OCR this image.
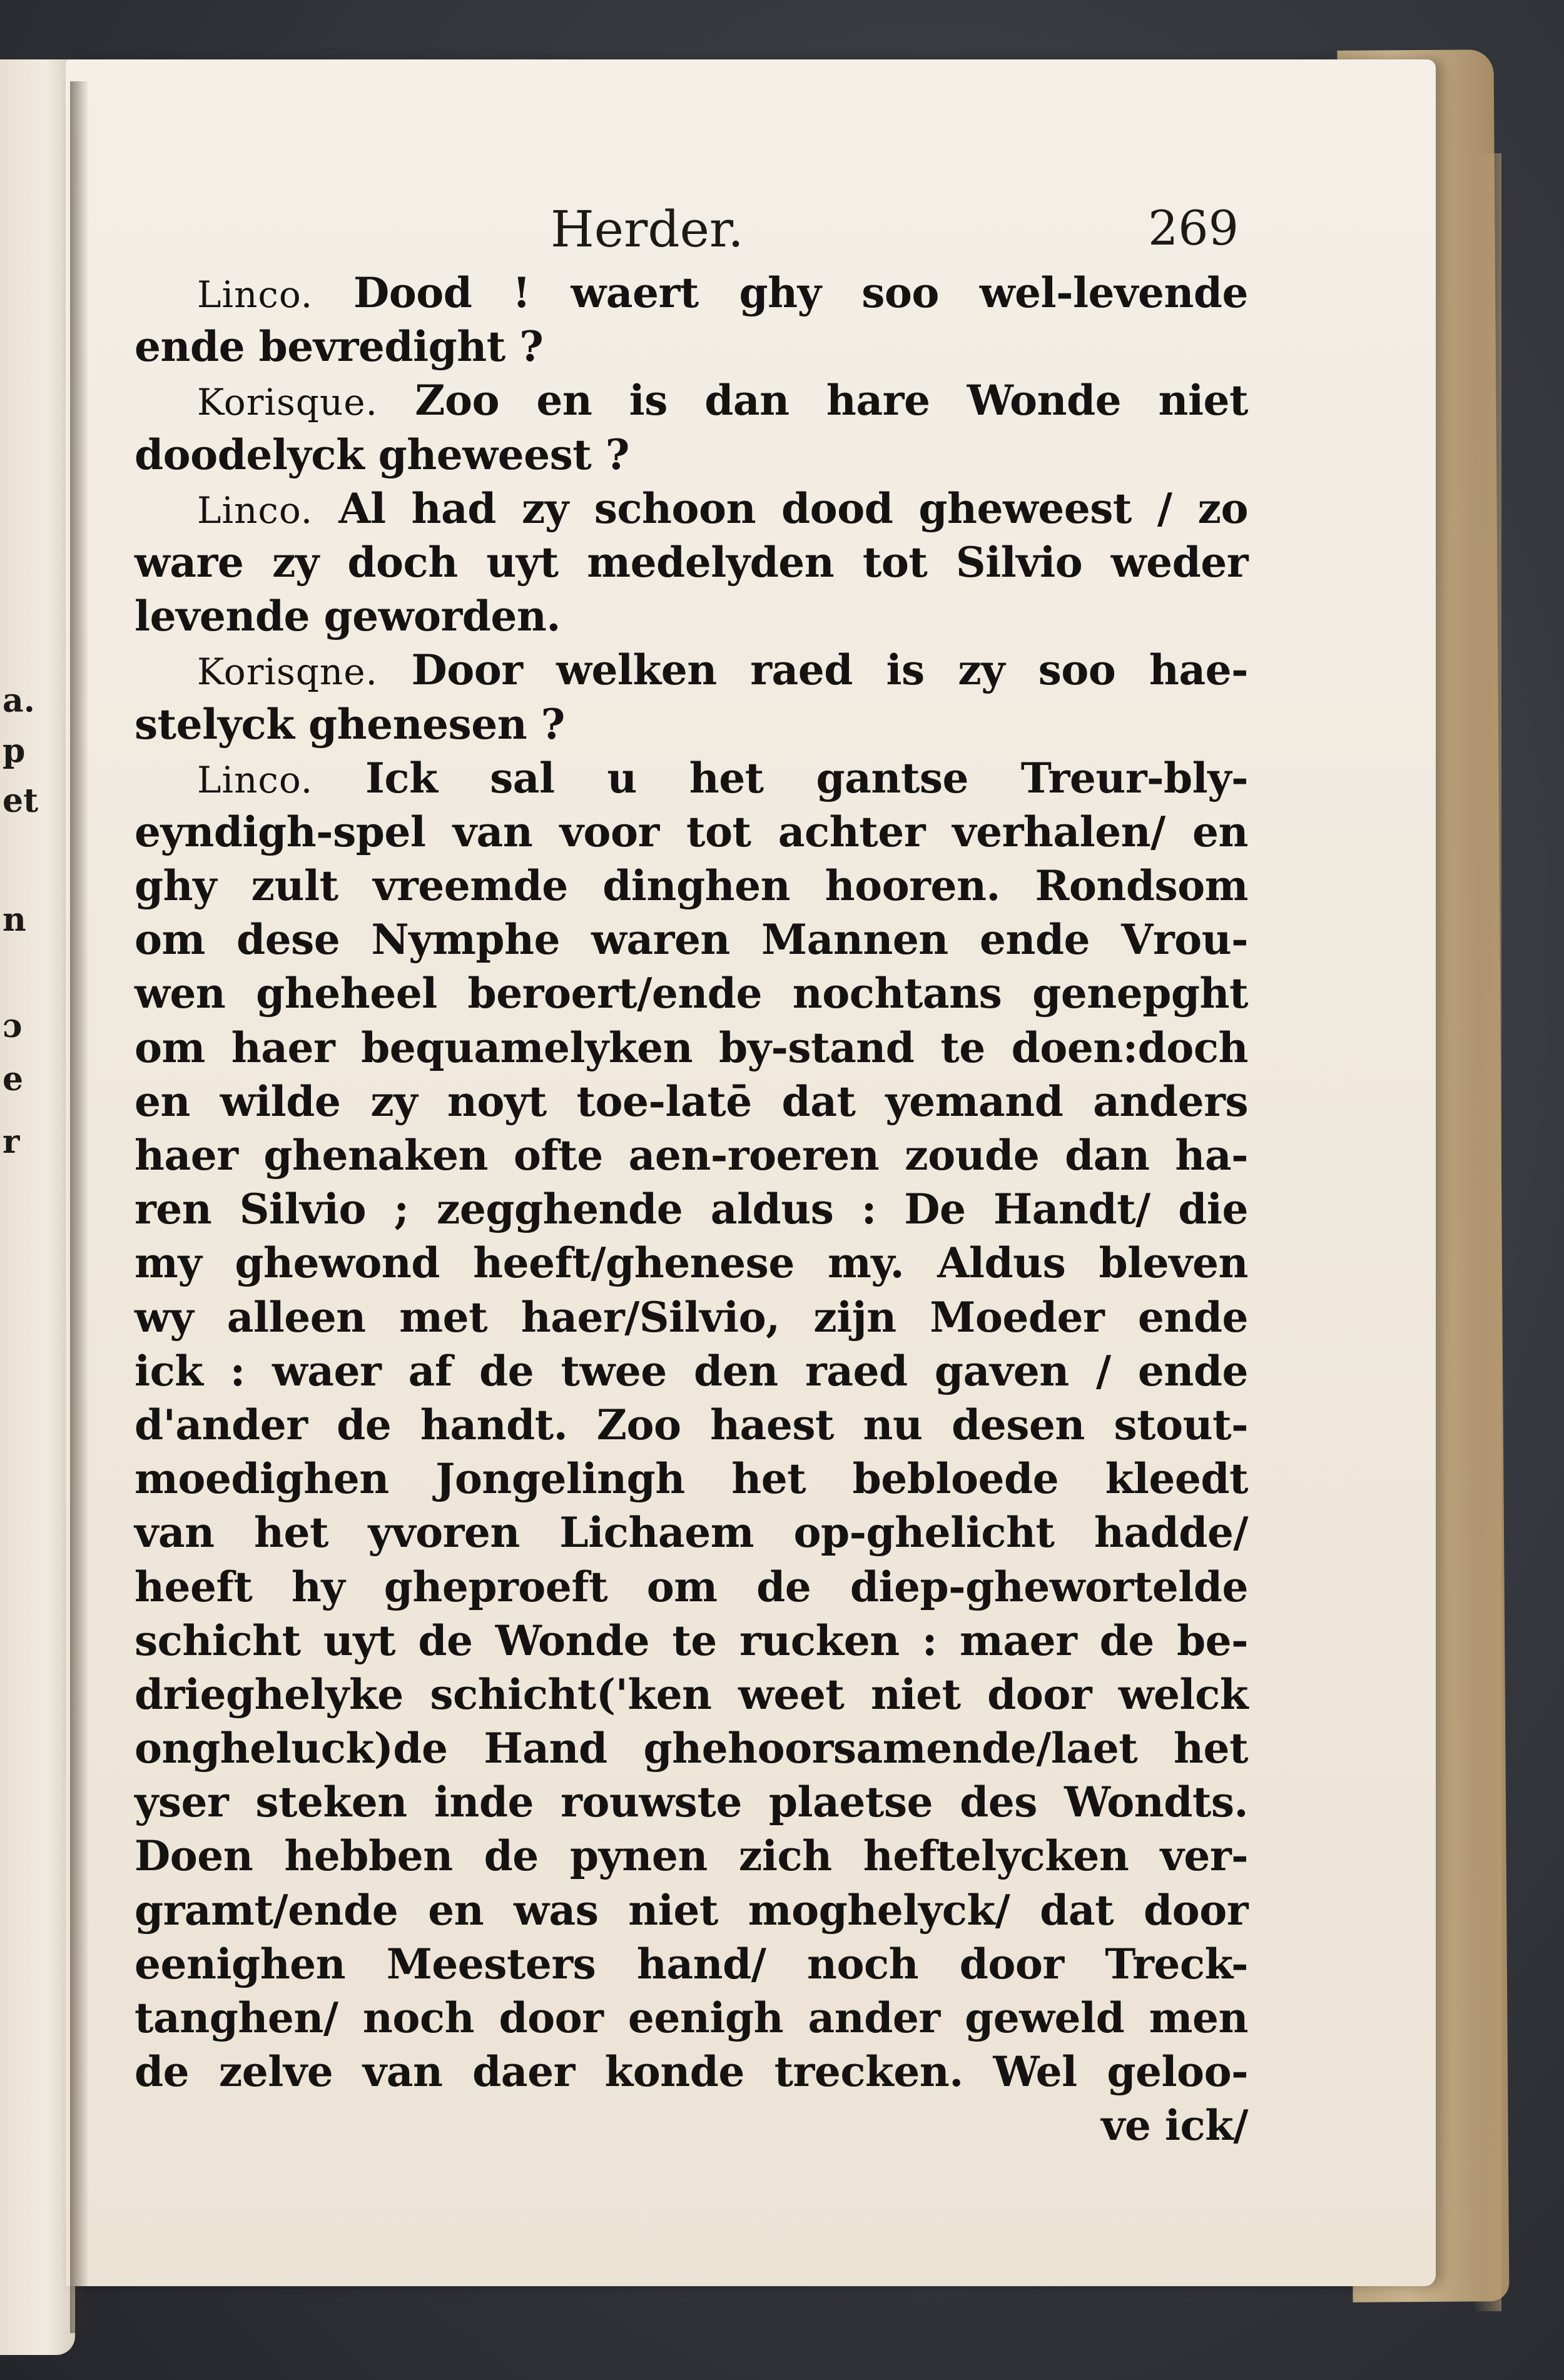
a.
p
et
n
ɔ
e
r
Herder.	269
Linco. Dood ! waert ghy soo wel-levende
ende bevredight ?
Korisque. Zoo en is dan hare Wonde niet
doodelyck gheweest ?
Linco. Al had zy schoon dood gheweest / zo
ware zy doch uyt medelyden tot Silvio weder
levende geworden.
Korisqne. Door welken raed is zy soo hae-
stelyck ghenesen ?
Linco. Ick sal u het gantse Treur-bly-
eyndigh-spel van voor tot achter verhalen/ en
ghy zult vreemde dinghen hooren. Rondsom
om dese Nymphe waren Mannen ende Vrou-
wen gheheel beroert/ende nochtans genepght
om haer bequamelyken by-stand te doen:doch
en wilde zy noyt toe-latē dat yemand anders
haer ghenaken ofte aen-roeren zoude dan ha-
ren Silvio ; zegghende aldus : De Handt/ die
my ghewond heeft/ghenese my. Aldus bleven
wy alleen met haer/Silvio, zijn Moeder ende
ick : waer af de twee den raed gaven / ende
d'ander de handt. Zoo haest nu desen stout-
moedighen Jongelingh het bebloede kleedt
van het yvoren Lichaem op-ghelicht hadde/
heeft hy gheproeft om de diep-ghewortelde
schicht uyt de Wonde te rucken : maer de be-
drieghelyke schicht('ken weet niet door welck
ongheluck)de Hand ghehoorsamende/laet het
yser steken inde rouwste plaetse des Wondts.
Doen hebben de pynen zich heftelycken ver-
gramt/ende en was niet moghelyck/ dat door
eenighen Meesters hand/ noch door Treck-
tanghen/ noch door eenigh ander geweld men
de zelve van daer konde trecken. Wel geloo-
ve ick/
